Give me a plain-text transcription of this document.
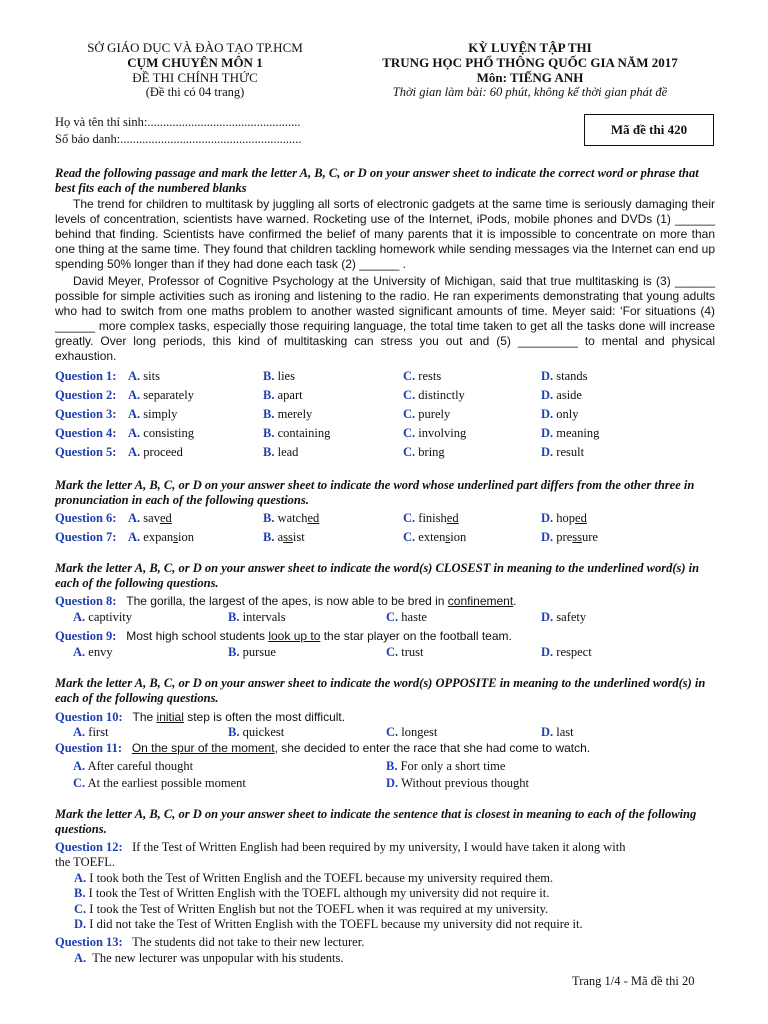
SỞ GIÁO DỤC VÀ ĐÀO TẠO TP.HCM
CỤM CHUYÊN MÔN 1
ĐỀ THI CHÍNH THỨC
(Đề thi có 04 trang)
KỲ LUYỆN TẬP THI
TRUNG HỌC PHỔ THÔNG QUỐC GIA NĂM 2017
Môn: TIẾNG ANH
Thời gian làm bài: 60 phút, không kể thời gian phát đề
Họ và tên thí sinh:.................................................
Số báo danh:..........................................................
Mã đề thi 420
Read the following passage and mark the letter A, B, C, or D on your answer sheet to indicate the correct word or phrase that best fits each of the numbered blanks
The trend for children to multitask by juggling all sorts of electronic gadgets at the same time is seriously damaging their levels of concentration, scientists have warned. Rocketing use of the Internet, iPods, mobile phones and DVDs (1) ______ behind that finding. Scientists have confirmed the belief of many parents that it is impossible to concentrate on more than one thing at the same time. They found that children tackling homework while sending messages via the Internet can end up spending 50% longer than if they had done each task (2) ______ .
David Meyer, Professor of Cognitive Psychology at the University of Michigan, said that true multitasking is (3) ______ possible for simple activities such as ironing and listening to the radio. He ran experiments demonstrating that young adults who had to switch from one maths problem to another wasted significant amounts of time. Meyer said: ‘For situations (4) ______ more complex tasks, especially those requiring language, the total time taken to get all the tasks done will increase greatly. Over long periods, this kind of multitasking can stress you out and (5) _________ to mental and physical exhaustion.
Question 1: A. sits	B. lies	C. rests	D. stands
Question 2: A. separately	B. apart	C. distinctly	D. aside
Question 3: A. simply	B. merely	C. purely	D. only
Question 4: A. consisting	B. containing	C. involving	D. meaning
Question 5: A. proceed	B. lead	C. bring	D. result
Mark the letter A, B, C, or D on your answer sheet to indicate the word whose underlined part differs from the other three in pronunciation in each of the following questions.
Question 6: A. saved	B. watched	C. finished	D. hoped
Question 7: A. expansion	B. assist	C. extension	D. pressure
Mark the letter A, B, C, or D on your answer sheet to indicate the word(s) CLOSEST in meaning to the underlined word(s) in each of the following questions.
Question 8: The gorilla, the largest of the apes, is now able to be bred in confinement.
A. captivity	B. intervals	C. haste	D. safety
Question 9: Most high school students look up to the star player on the football team.
A. envy	B. pursue	C. trust	D. respect
Mark the letter A, B, C, or D on your answer sheet to indicate the word(s) OPPOSITE in meaning to the underlined word(s) in each of the following questions.
Question 10: The initial step is often the most difficult.
A. first	B. quickest	C. longest	D. last
Question 11: On the spur of the moment, she decided to enter the race that she had come to watch.
A. After careful thought	B. For only a short time
C. At the earliest possible moment	D. Without previous thought
Mark the letter A, B, C, or D on your answer sheet to indicate the sentence that is closest in meaning to each of the following questions.
Question 12: If the Test of Written English had been required by my university, I would have taken it along with
the TOEFL.
A. I took both the Test of Written English and the TOEFL because my university required them.
B. I took the Test of Written English with the TOEFL although my university did not require it.
C. I took the Test of Written English but not the TOEFL when it was required at my university.
D. I did not take the Test of Written English with the TOEFL because my university did not require it.
Question 13: The students did not take to their new lecturer.
A. The new lecturer was unpopular with his students.
Trang 1/4 - Mã đề thi 20
